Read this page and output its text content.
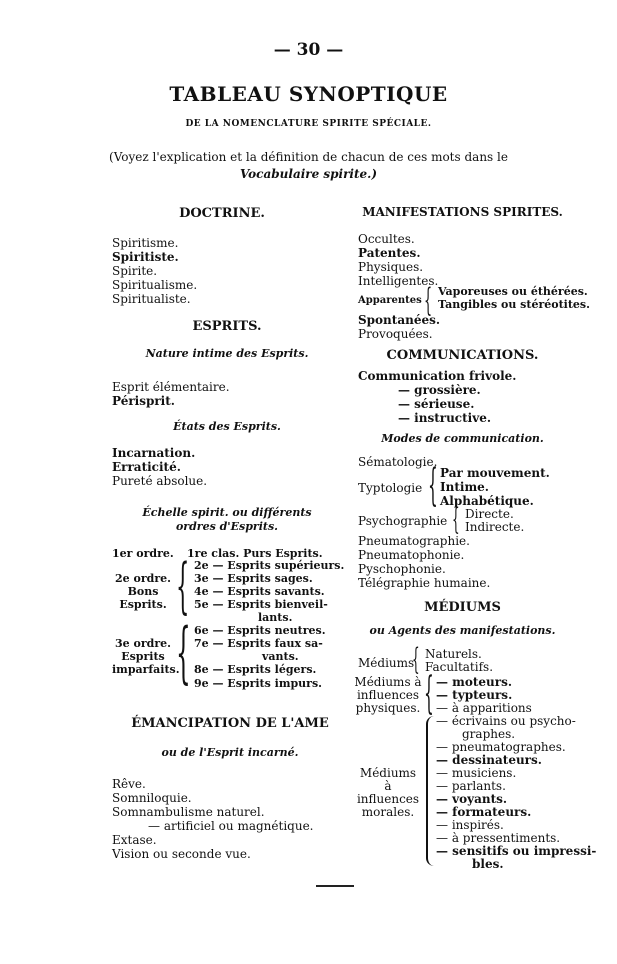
— 30 —
TABLEAU SYNOPTIQUE
DE LA NOMENCLATURE SPIRITE SPÉCIALE.
(Voyez l'explication et la définition de chacun de ces mots dans le
Vocabulaire spirite.)
DOCTRINE.
Spiritisme.
Spiritiste.
Spirite.
Spiritualisme.
Spiritualiste.
ESPRITS.
Nature intime des Esprits.
Esprit élémentaire.
Périsprit.
États des Esprits.
Incarnation.
Erraticité.
Pureté absolue.
Échelle spirit. ou différents
ordres d'Esprits.
1er ordre. 1re clas. Purs Esprits.
2e ordre.
Bons
Esprits. { 2e — Esprits supérieurs.
3e — Esprits sages.
4e — Esprits savants.
5e — Esprits bienveil-
lants.
3e ordre.
Esprits
imparfaits.
{ 6e — Esprits neutres.
7e — Esprits faux sa-
vants.
8e — Esprits légers.
9e — Esprits impurs.
ÉMANCIPATION DE L'AME
ou de l'Esprit incarné.
Rêve.
Somniloquie.
Somnambulisme naturel.
— artificiel ou magnétique.
Extase.
Vision ou seconde vue.
MANIFESTATIONS SPIRITES.
Occultes.
Patentes.
Physiques.
Intelligentes.
Apparentes { Vaporeuses ou éthérées.
Tangibles ou stéréotites.
Spontanées.
Provoquées.
COMMUNICATIONS.
Communication frivole.
— grossière.
— sérieuse.
— instructive.
Modes de communication.
Sématologie.
Typtologie { Par mouvement.
Intime.
Alphabétique.
Psychographie { Directe.
Indirecte.
Pneumatographie.
Pneumatophonie.
Pyschophonie.
Télégraphie humaine.
MÉDIUMS
ou Agents des manifestations.
Médiums
{ Naturels.
Facultatifs.
Médiums à
influences
physiques. { — moteurs.
— typteurs.
— à apparitions
Médiums
à
influences
morales.
— écrivains ou psycho-
graphes.
— pneumatographes.
— dessinateurs.
— musiciens.
— parlants.
— voyants.
— formateurs.
— inspirés.
— à pressentiments.
— sensitifs ou impressi-
bles.
